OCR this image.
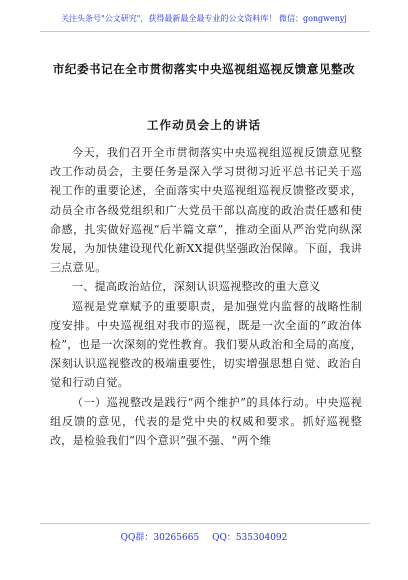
关注头条号"公文研究"，获得最新最全最专业的公文资料库！ 微信：gongwenyj
市纪委书记在全市贯彻落实中央巡视组巡视反馈意见整改
工作动员会上的讲话

今天，我们召开全市贯彻落实中央巡视组巡视反馈意见整改工作动员会，主要任务是深入学习贯彻习近平总书记关于巡视工作的重要论述，全面落实中央巡视组巡视反馈整改要求，动员全市各级党组织和广大党员干部以高度的政治责任感和使命感，扎实做好巡视“后半篇文章”，推动全面从严治党向纵深发展，为加快建设现代化新XX提供坚强政治保障。下面，我讲三点意见。

一、提高政治站位，深刻认识巡视整改的重大意义

巡视是党章赋予的重要职责，是加强党内监督的战略性制度安排。中央巡视组对我市的巡视，既是一次全面的“政治体检”，也是一次深刻的党性教育。我们要从政治和全局的高度，深刻认识巡视整改的极端重要性，切实增强思想自觉、政治自觉和行动自觉。

（一）巡视整改是践行“两个维护”的具体行动。中央巡视组反馈的意见，代表的是党中央的权威和要求。抓好巡视整改，是检验我们“四个意识”强不强、“两个维

QQ群：30265665 QQ：535304092
